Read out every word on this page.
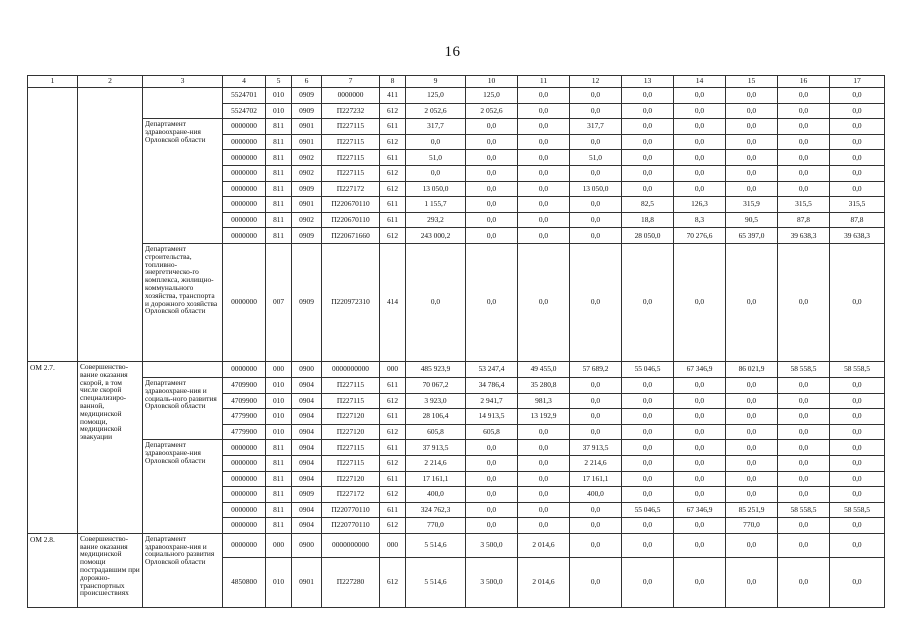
16
1	2	3	4	5	6	7	8	9	10	11	12	13	14	15	16	17
			5524701	010	0909	0000000	411	125,0	125,0	0,0	0,0	0,0	0,0	0,0	0,0	0,0
			5524702	010	0909	П227232	612	2 052,6	2 052,6	0,0	0,0	0,0	0,0	0,0	0,0	0,0
		Департамент здравоохране-ния Орловской области	0000000	811	0901	П227115	611	317,7	0,0	0,0	317,7	0,0	0,0	0,0	0,0	0,0
			0000000	811	0901	П227115	612	0,0	0,0	0,0	0,0	0,0	0,0	0,0	0,0	0,0
			0000000	811	0902	П227115	611	51,0	0,0	0,0	51,0	0,0	0,0	0,0	0,0	0,0
			0000000	811	0902	П227115	612	0,0	0,0	0,0	0,0	0,0	0,0	0,0	0,0	0,0
			0000000	811	0909	П227172	612	13 050,0	0,0	0,0	13 050,0	0,0	0,0	0,0	0,0	0,0
			0000000	811	0901	П220670110	611	1 155,7	0,0	0,0	0,0	82,5	126,3	315,9	315,5	315,5
			0000000	811	0902	П220670110	611	293,2	0,0	0,0	0,0	18,8	8,3	90,5	87,8	87,8
			0000000	811	0909	П220671660	612	243 000,2	0,0	0,0	0,0	28 050,0	70 276,6	65 397,0	39 638,3	39 638,3
		Департамент строительства, топливно-энергетическо-го комплекса, жилищно-коммунального хозяйства, транспорта и дорожного хозяйства Орловской области	0000000	007	0909	П220972310	414	0,0	0,0	0,0	0,0	0,0	0,0	0,0	0,0	0,0
ОМ 2.7.	Совершенство-вание оказания скорой, в том числе скорой специализиро-ванной, медицинской помощи, медицинской эвакуации		0000000	000	0900	0000000000	000	485 923,9	53 247,4	49 455,0	57 689,2	55 046,5	67 346,9	86 021,9	58 558,5	58 558,5
		Департамент здравоохране-ния и социаль-ного развития Орловской области	4709900	010	0904	П227115	611	70 067,2	34 786,4	35 280,8	0,0	0,0	0,0	0,0	0,0	0,0
			4709900	010	0904	П227115	612	3 923,0	2 941,7	981,3	0,0	0,0	0,0	0,0	0,0	0,0
			4779900	010	0904	П227120	611	28 106,4	14 913,5	13 192,9	0,0	0,0	0,0	0,0	0,0	0,0
			4779900	010	0904	П227120	612	605,8	605,8	0,0	0,0	0,0	0,0	0,0	0,0	0,0
		Департамент здравоохране-ния Орловской области	0000000	811	0904	П227115	611	37 913,5	0,0	0,0	37 913,5	0,0	0,0	0,0	0,0	0,0
			0000000	811	0904	П227115	612	2 214,6	0,0	0,0	2 214,6	0,0	0,0	0,0	0,0	0,0
			0000000	811	0904	П227120	611	17 161,1	0,0	0,0	17 161,1	0,0	0,0	0,0	0,0	0,0
			0000000	811	0909	П227172	612	400,0	0,0	0,0	400,0	0,0	0,0	0,0	0,0	0,0
			0000000	811	0904	П220770110	611	324 762,3	0,0	0,0	0,0	55 046,5	67 346,9	85 251,9	58 558,5	58 558,5
			0000000	811	0904	П220770110	612	770,0	0,0	0,0	0,0	0,0	0,0	770,0	0,0	0,0
ОМ 2.8.	Совершенство-вание оказания медицинской помощи пострадавшим при дорожно-транспортных происшествиях	Департамент здравоохране-ния и социального развития Орловской области	0000000	000	0900	0000000000	000	5 514,6	3 500,0	2 014,6	0,0	0,0	0,0	0,0	0,0	0,0
			4850800	010	0901	П227280	612	5 514,6	3 500,0	2 014,6	0,0	0,0	0,0	0,0	0,0	0,0
